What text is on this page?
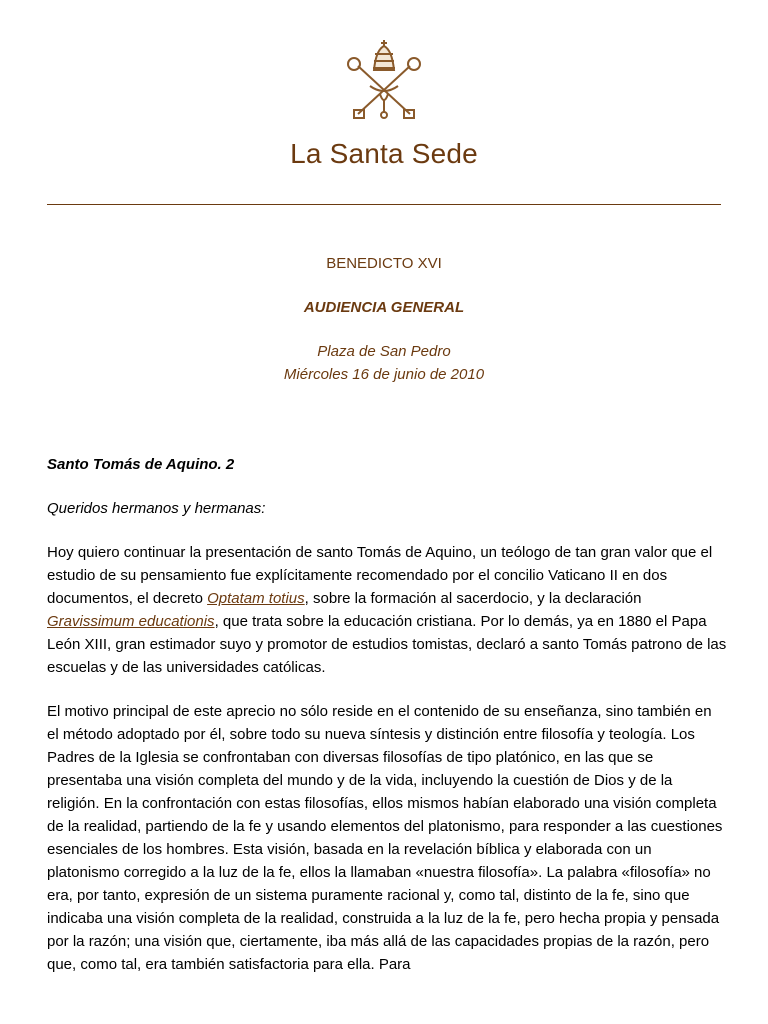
La Santa Sede
BENEDICTO XVI
AUDIENCIA GENERAL
Plaza de San Pedro
Miércoles 16 de junio de 2010

Santo Tomás de Aquino. 2

Queridos hermanos y hermanas:

Hoy quiero continuar la presentación de santo Tomás de Aquino, un teólogo de tan gran valor que el estudio de su pensamiento fue explícitamente recomendado por el concilio Vaticano II en dos documentos, el decreto Optatam totius, sobre la formación al sacerdocio, y la declaración Gravissimum educationis, que trata sobre la educación cristiana. Por lo demás, ya en 1880 el Papa León XIII, gran estimador suyo y promotor de estudios tomistas, declaró a santo Tomás patrono de las escuelas y de las universidades católicas.

El motivo principal de este aprecio no sólo reside en el contenido de su enseñanza, sino también en el método adoptado por él, sobre todo su nueva síntesis y distinción entre filosofía y teología. Los Padres de la Iglesia se confrontaban con diversas filosofías de tipo platónico, en las que se presentaba una visión completa del mundo y de la vida, incluyendo la cuestión de Dios y de la religión. En la confrontación con estas filosofías, ellos mismos habían elaborado una visión completa de la realidad, partiendo de la fe y usando elementos del platonismo, para responder a las cuestiones esenciales de los hombres. Esta visión, basada en la revelación bíblica y elaborada con un platonismo corregido a la luz de la fe, ellos la llamaban «nuestra filosofía». La palabra «filosofía» no era, por tanto, expresión de un sistema puramente racional y, como tal, distinto de la fe, sino que indicaba una visión completa de la realidad, construida a la luz de la fe, pero hecha propia y pensada por la razón; una visión que, ciertamente, iba más allá de las capacidades propias de la razón, pero que, como tal, era también satisfactoria para ella. Para
